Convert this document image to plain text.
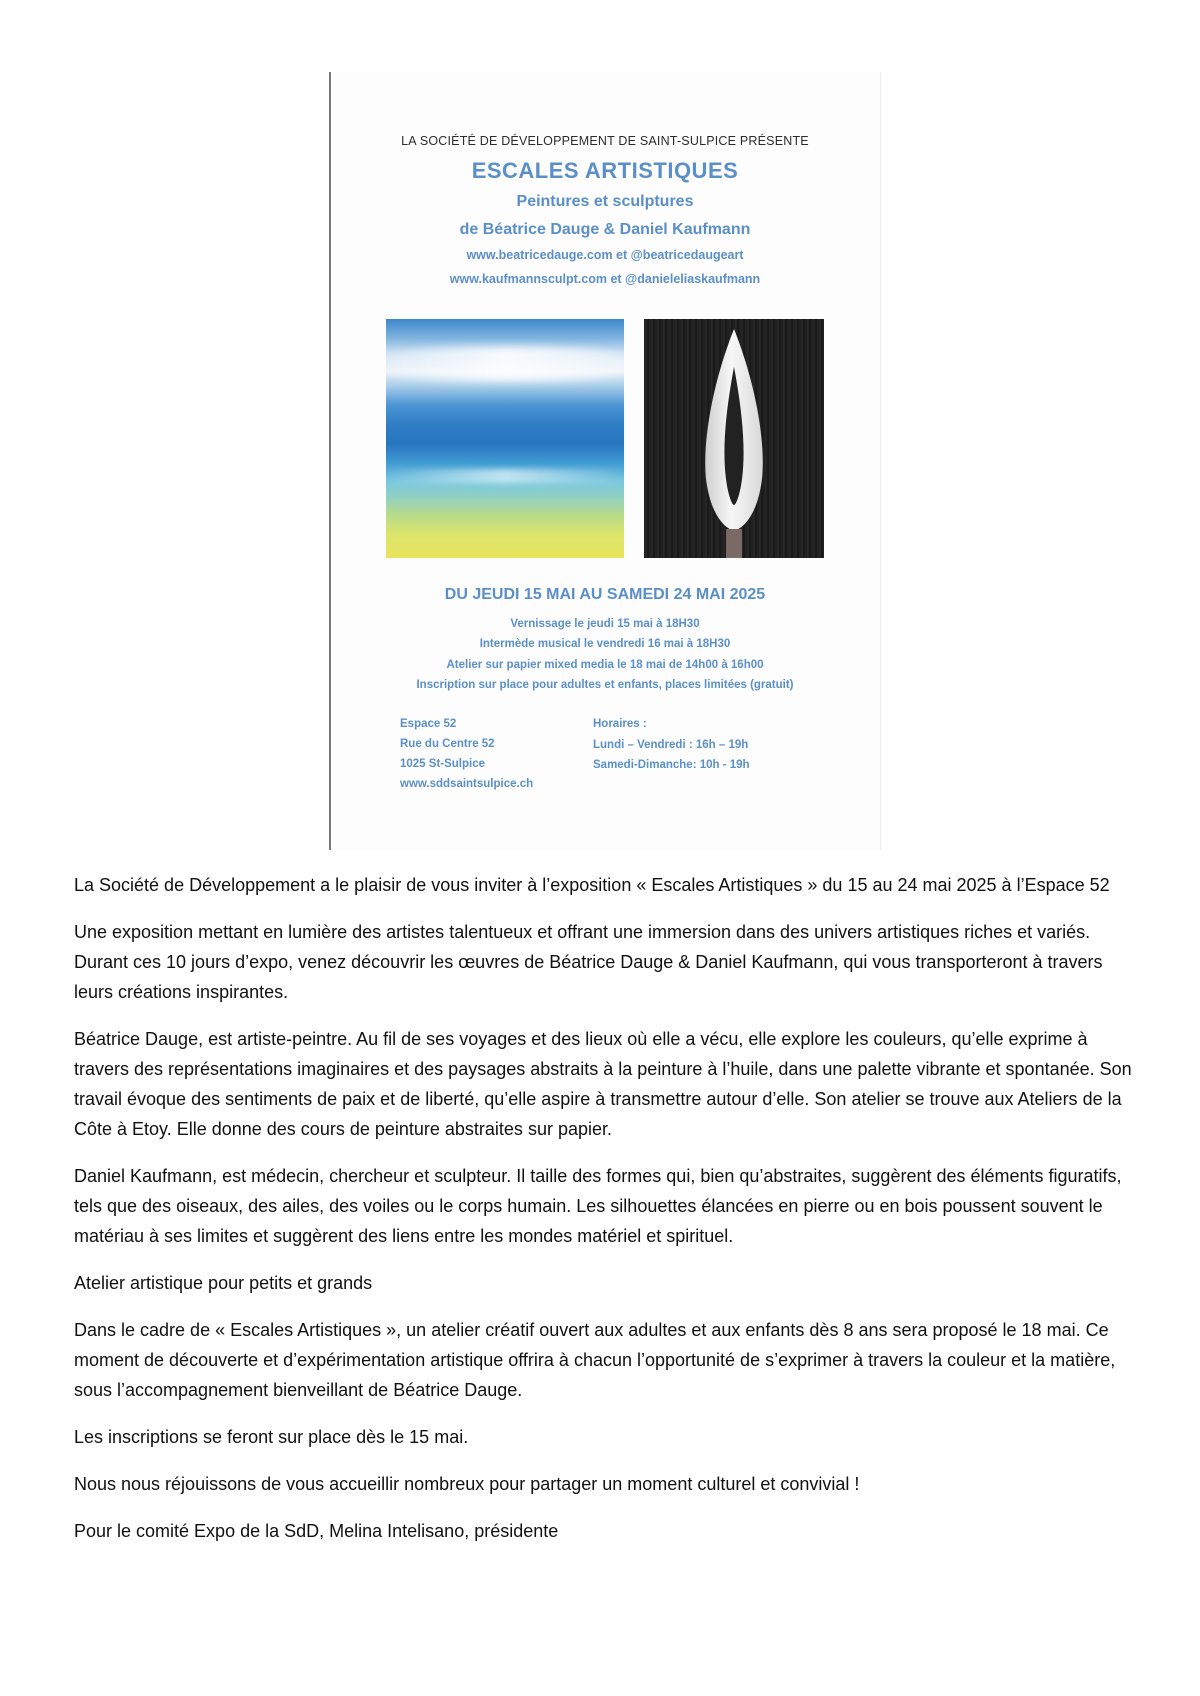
LA SOCIÉTÉ DE DÉVELOPPEMENT DE SAINT-SULPICE PRÉSENTE

ESCALES ARTISTIQUES

Peintures et sculptures

de Béatrice Dauge & Daniel Kaufmann

www.beatricedauge.com et @beatricedaugeart

www.kaufmannsculpt.com et @danieleliaskaufmann

DU JEUDI 15 MAI AU SAMEDI 24 MAI 2025

Vernissage le jeudi 15 mai à 18H30

Intermède musical le vendredi 16 mai à 18H30

Atelier sur papier mixed media le 18 mai de 14h00 à 16h00

Inscription sur place pour adultes et enfants, places limitées (gratuit)

Espace 52

Rue du Centre 52

1025 St-Sulpice

www.sddsaintsulpice.ch

Horaires :

Lundi – Vendredi : 16h – 19h

Samedi-Dimanche: 10h - 19h

La Société de Développement a le plaisir de vous inviter à l’exposition « Escales Artistiques » du 15 au 24 mai 2025 à l’Espace 52

Une exposition mettant en lumière des artistes talentueux et offrant une immersion dans des univers artistiques riches et variés. Durant ces 10 jours d’expo, venez découvrir les œuvres de Béatrice Dauge & Daniel Kaufmann, qui vous transporteront à travers leurs créations inspirantes.

Béatrice Dauge, est artiste-peintre. Au fil de ses voyages et des lieux où elle a vécu, elle explore les couleurs, qu’elle exprime à travers des représentations imaginaires et des paysages abstraits à la peinture à l’huile, dans une palette vibrante et spontanée. Son travail évoque des sentiments de paix et de liberté, qu’elle aspire à transmettre autour d’elle. Son atelier se trouve aux Ateliers de la Côte à Etoy. Elle donne des cours de peinture abstraites sur papier.

Daniel Kaufmann, est médecin, chercheur et sculpteur. Il taille des formes qui, bien qu’abstraites, suggèrent des éléments figuratifs, tels que des oiseaux, des ailes, des voiles ou le corps humain. Les silhouettes élancées en pierre ou en bois poussent souvent le matériau à ses limites et suggèrent des liens entre les mondes matériel et spirituel.

Atelier artistique pour petits et grands

Dans le cadre de « Escales Artistiques », un atelier créatif ouvert aux adultes et aux enfants dès 8 ans sera proposé le 18 mai. Ce moment de découverte et d’expérimentation artistique offrira à chacun l’opportunité de s’exprimer à travers la couleur et la matière, sous l’accompagnement bienveillant de Béatrice Dauge.

Les inscriptions se feront sur place dès le 15 mai.

Nous nous réjouissons de vous accueillir nombreux pour partager un moment culturel et convivial !

Pour le comité Expo de la SdD, Melina Intelisano, présidente
